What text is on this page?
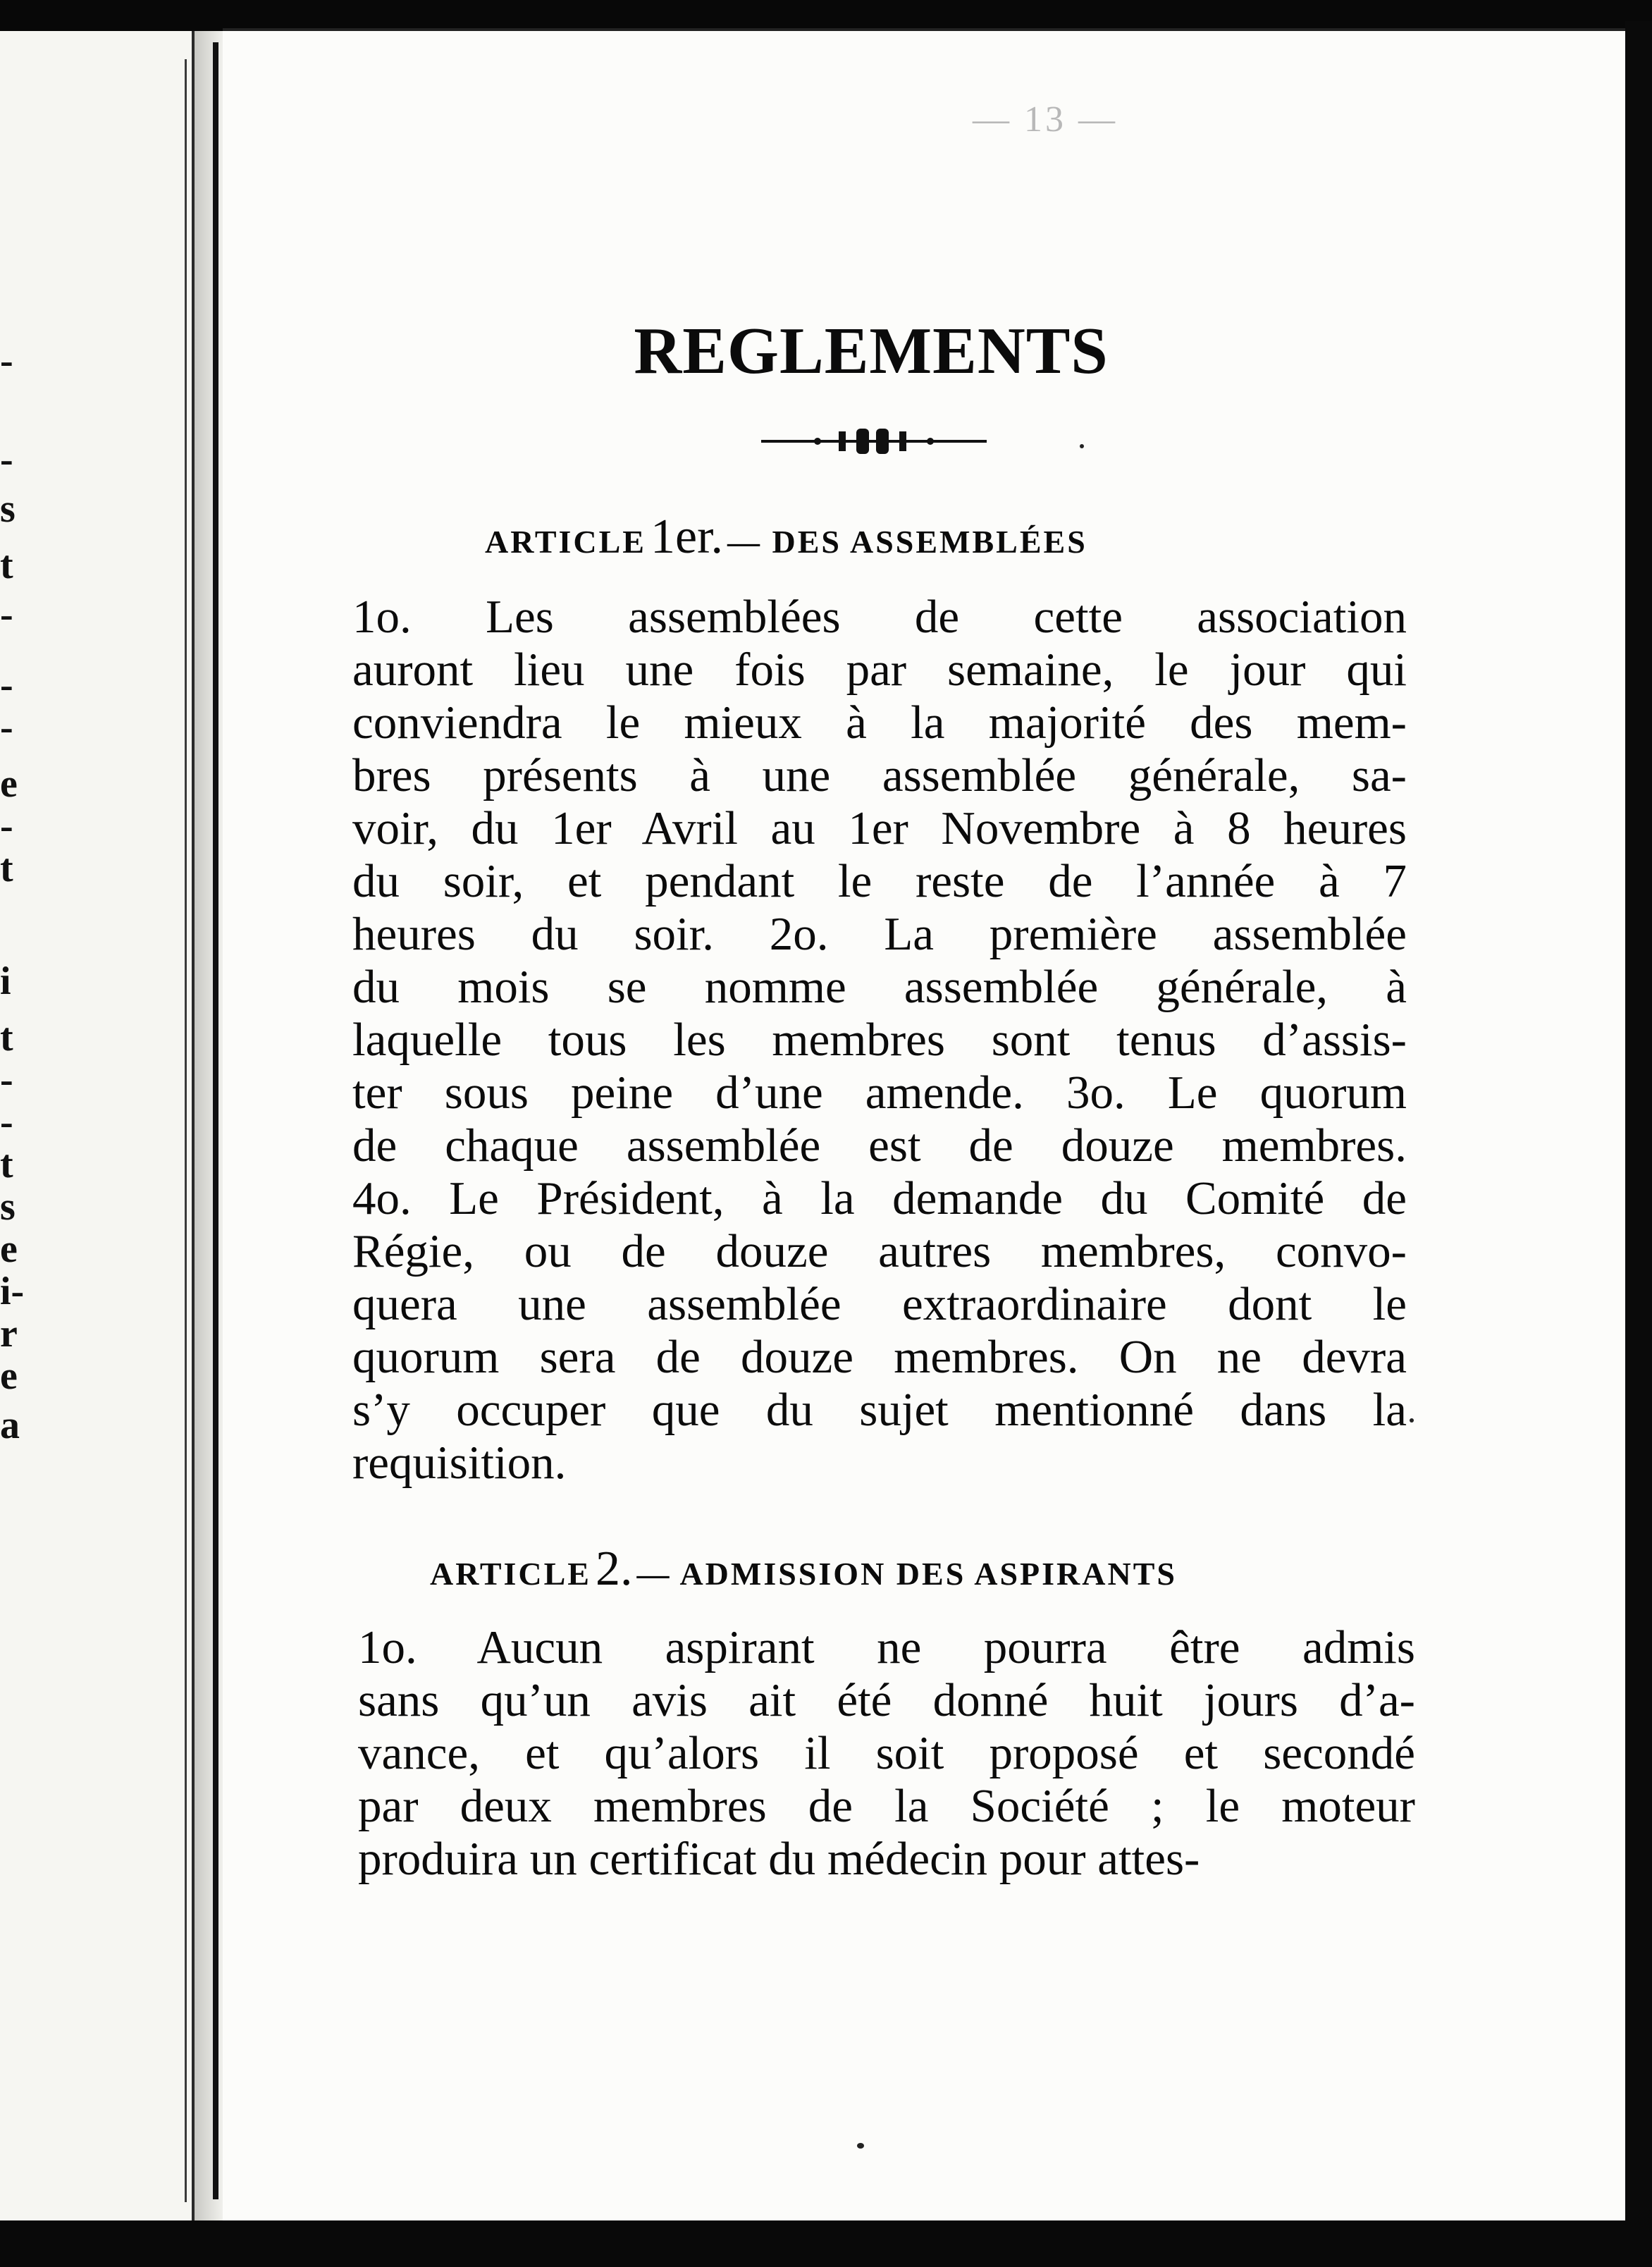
-
-
s
t
-
-
-
e
-
t
i
t
-
-
t
s
e
i-
r
e
a
— 13 —
REGLEMENTS
ARTICLE 1er. — DES ASSEMBLÉES
1o. Les assemblées de cette association
auront lieu une fois par semaine, le jour qui
conviendra le mieux à la majorité des mem-
bres présents à une assemblée générale, sa-
voir, du 1er Avril au 1er Novembre à 8 heures
du soir, et pendant le reste de l’année à 7
heures du soir. 2o. La première assemblée
du mois se nomme assemblée générale, à
laquelle tous les membres sont tenus d’assis-
ter sous peine d’une amende. 3o. Le quorum
de chaque assemblée est de douze membres.
4o. Le Président, à la demande du Comité de
Régie, ou de douze autres membres, convo-
quera une assemblée extraordinaire dont le
quorum sera de douze membres. On ne devra
s’y occuper que du sujet mentionné dans la
requisition.
ARTICLE 2. — ADMISSION DES ASPIRANTS
1o. Aucun aspirant ne pourra être admis
sans qu’un avis ait été donné huit jours d’a-
vance, et qu’alors il soit proposé et secondé
par deux membres de la Société ; le moteur
produira un certificat du médecin pour attes-
